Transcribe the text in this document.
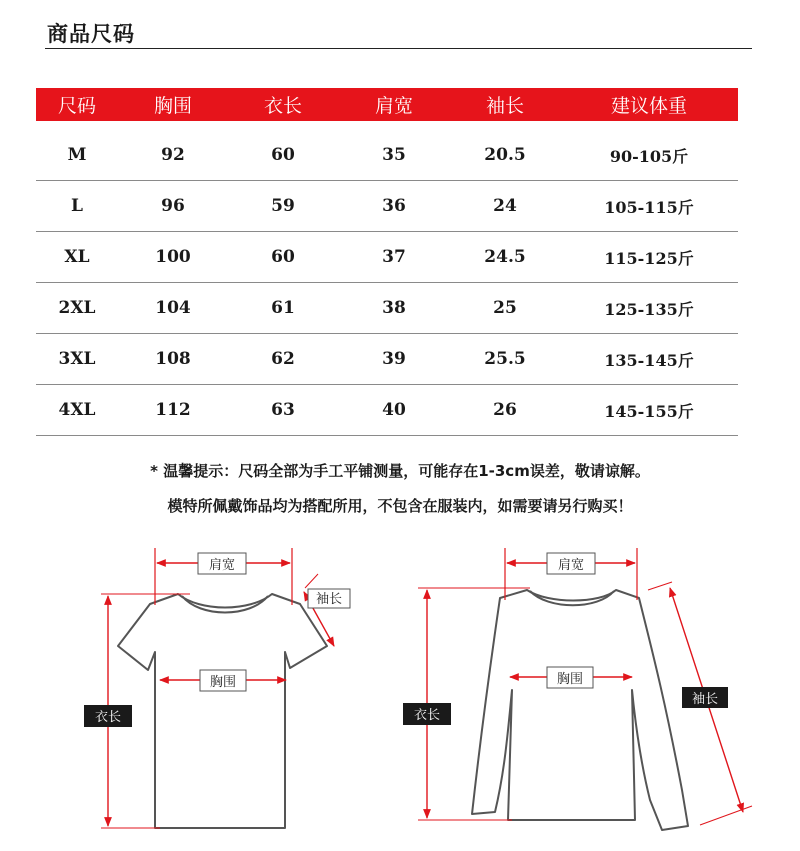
商品尺码
尺码	胸围	衣长	肩宽	袖长	建议体重

M	92	60	35	20.5	90-105斤
L	96	59	36	24	105-115斤
XL	100	60	37	24.5	115-125斤
2XL	104	61	38	25	125-135斤
3XL	108	62	39	25.5	135-145斤
4XL	112	63	40	26	145-155斤
* 温馨提示：尺码全部为手工平铺测量，可能存在1-3cm误差，敬请谅解。
模特所佩戴饰品均为搭配所用，不包含在服装内，如需要请另行购买！
肩宽
袖长
胸围
衣长
肩宽
胸围
袖长
衣长
